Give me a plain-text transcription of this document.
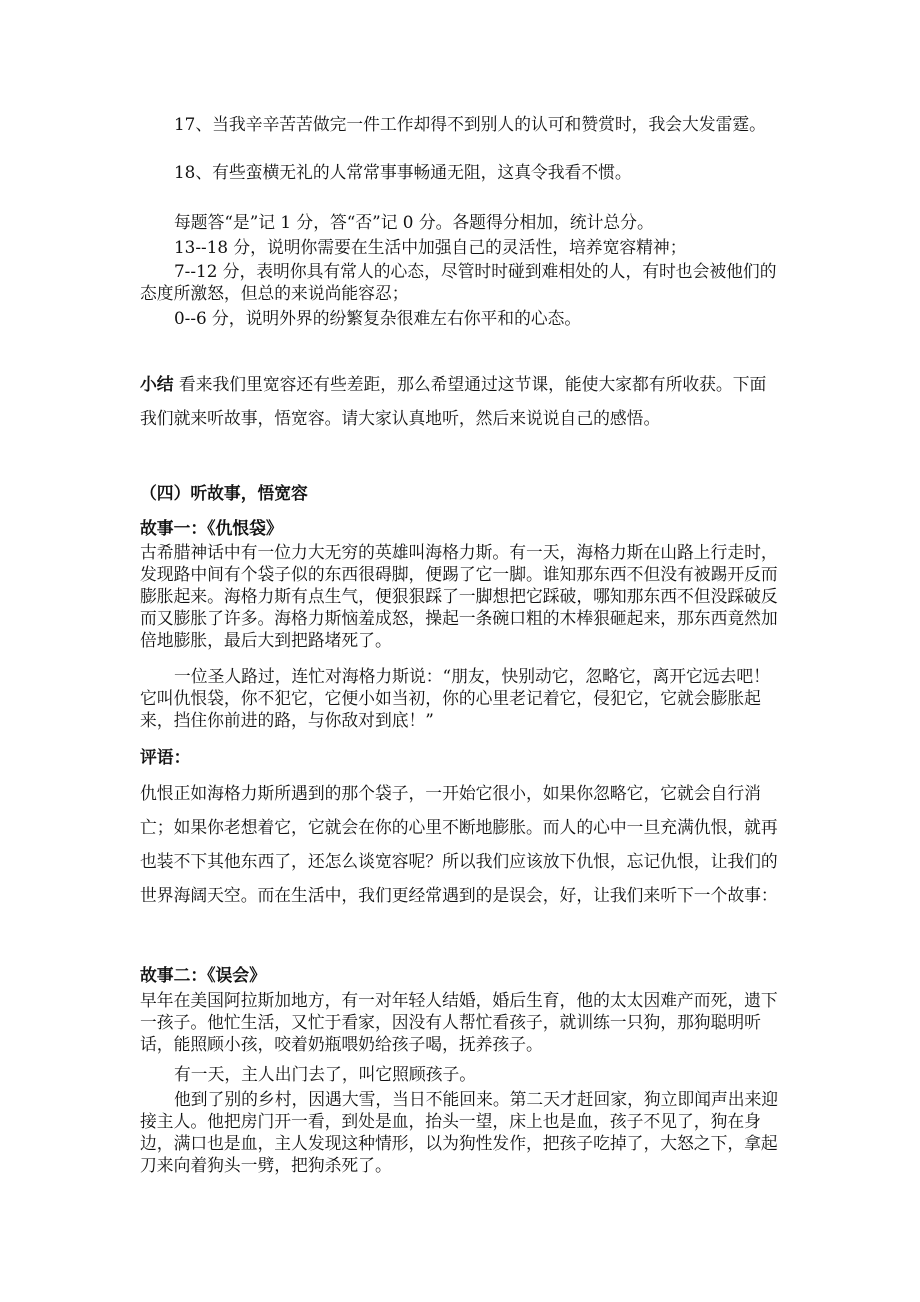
17、当我辛辛苦苦做完一件工作却得不到别人的认可和赞赏时，我会大发雷霆。

18、有些蛮横无礼的人常常事事畅通无阻，这真令我看不惯。

每题答“是”记 1 分，答“否”记 0 分。各题得分相加，统计总分。

13--18 分，说明你需要在生活中加强自己的灵活性，培养宽容精神；

7--12 分，表明你具有常人的心态，尽管时时碰到难相处的人，有时也会被他们的态度所激怒，但总的来说尚能容忍；

0--6 分，说明外界的纷繁复杂很难左右你平和的心态。

小结 看来我们里宽容还有些差距，那么希望通过这节课，能使大家都有所收获。下面我们就来听故事，悟宽容。请大家认真地听，然后来说说自己的感悟。

（四）听故事，悟宽容

故事一：《仇恨袋》

古希腊神话中有一位力大无穷的英雄叫海格力斯。有一天，海格力斯在山路上行走时，发现路中间有个袋子似的东西很碍脚，便踢了它一脚。谁知那东西不但没有被踢开反而膨胀起来。海格力斯有点生气，便狠狠踩了一脚想把它踩破，哪知那东西不但没踩破反而又膨胀了许多。海格力斯恼羞成怒，操起一条碗口粗的木棒狠砸起来，那东西竟然加倍地膨胀，最后大到把路堵死了。

一位圣人路过，连忙对海格力斯说：“朋友，快别动它，忽略它，离开它远去吧！它叫仇恨袋，你不犯它，它便小如当初，你的心里老记着它，侵犯它，它就会膨胀起来，挡住你前进的路，与你敌对到底！”

评语：

仇恨正如海格力斯所遇到的那个袋子，一开始它很小，如果你忽略它，它就会自行消亡；如果你老想着它，它就会在你的心里不断地膨胀。而人的心中一旦充满仇恨，就再也装不下其他东西了，还怎么谈宽容呢？所以我们应该放下仇恨，忘记仇恨，让我们的世界海阔天空。而在生活中，我们更经常遇到的是误会，好，让我们来听下一个故事：

故事二：《误会》

早年在美国阿拉斯加地方，有一对年轻人结婚，婚后生育，他的太太因难产而死，遗下一孩子。他忙生活，又忙于看家，因没有人帮忙看孩子，就训练一只狗，那狗聪明听话，能照顾小孩，咬着奶瓶喂奶给孩子喝，抚养孩子。

有一天，主人出门去了，叫它照顾孩子。

他到了别的乡村，因遇大雪，当日不能回来。第二天才赶回家，狗立即闻声出来迎接主人。他把房门开一看，到处是血，抬头一望，床上也是血，孩子不见了，狗在身边，满口也是血，主人发现这种情形，以为狗性发作，把孩子吃掉了，大怒之下，拿起刀来向着狗头一劈，把狗杀死了。
